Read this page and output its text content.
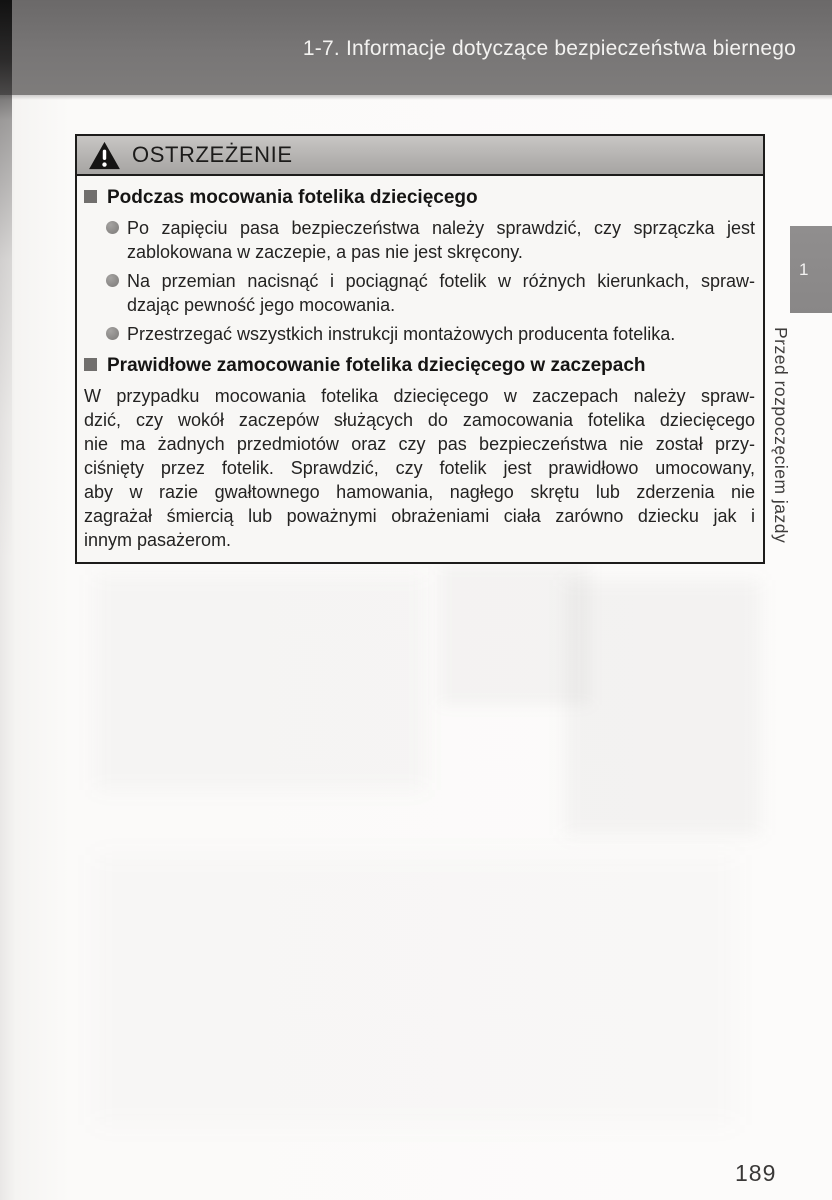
1-7. Informacje dotyczące bezpieczeństwa biernego
OSTRZEŻENIE
Podczas mocowania fotelika dziecięcego
Po zapięciu pasa bezpieczeństwa należy sprawdzić, czy sprzączka jest
zablokowana w zaczepie, a pas nie jest skręcony.
Na przemian nacisnąć i pociągnąć fotelik w różnych kierunkach, spraw-
dzając pewność jego mocowania.
Przestrzegać wszystkich instrukcji montażowych producenta fotelika.
Prawidłowe zamocowanie fotelika dziecięcego w zaczepach
W przypadku mocowania fotelika dziecięcego w zaczepach należy spraw-
dzić, czy wokół zaczepów służących do zamocowania fotelika dziecięcego
nie ma żadnych przedmiotów oraz czy pas bezpieczeństwa nie został przy-
ciśnięty przez fotelik. Sprawdzić, czy fotelik jest prawidłowo umocowany,
aby w razie gwałtownego hamowania, nagłego skrętu lub zderzenia nie
zagrażał śmiercią lub poważnymi obrażeniami ciała zarówno dziecku jak i
innym pasażerom.
1
Przed rozpoczęciem jazdy
189
